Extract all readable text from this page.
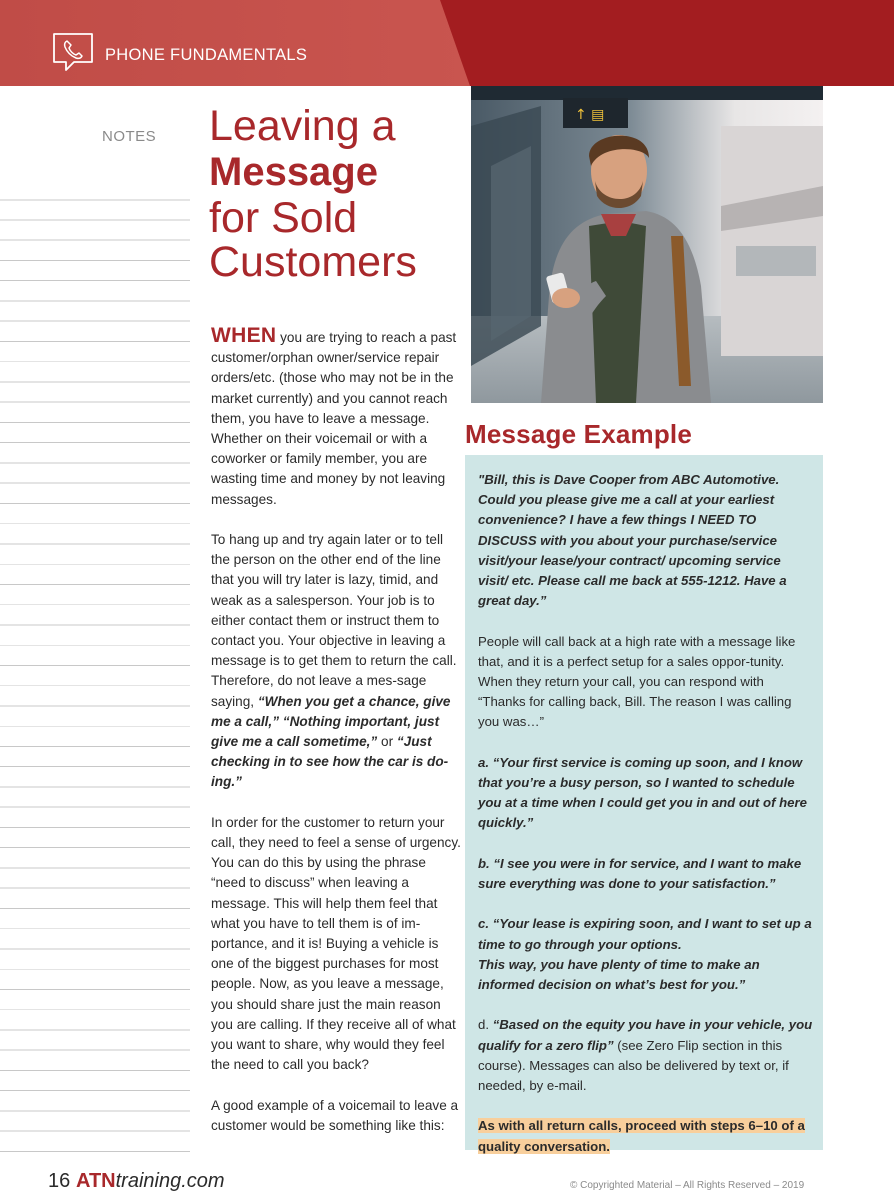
PHONE FUNDAMENTALS
NOTES Leaving a
Message
for Sold
Customers

WHEN you are trying to reach a past customer/orphan owner/service repair orders/etc. (those who may not be in the market currently) and you cannot reach them, you have to leave a message. Whether on their voicemail or with a coworker or family member, you are wasting time and money by not leaving messages.

To hang up and try again later or to tell the person on the other end of the line that you will try later is lazy, timid, and weak as a salesperson. Your job is to either contact them or instruct them to contact you. Your objective in leaving a message is to get them to return the call. Therefore, do not leave a mes-sage saying, “When you get a chance, give me a call,” “Nothing important, just give me a call sometime,” or “Just checking in to see how the car is do-ing.”

In order for the customer to return your call, they need to feel a sense of urgency. You can do this by using the phrase “need to discuss” when leaving a message. This will help them feel that what you have to tell them is of im-portance, and it is! Buying a vehicle is one of the biggest purchases for most people. Now, as you leave a message, you should share just the main reason you are calling. If they receive all of what you want to share, why would they feel the need to call you back?

A good example of a voicemail to leave a customer would be something like this:

↑ ▤
Message Example

"Bill, this is Dave Cooper from ABC Automotive. Could you please give me a call at your earliest convenience? I have a few things I NEED TO DISCUSS with you about your purchase/service visit/your lease/your contract/ upcoming service visit/ etc. Please call me back at 555-1212. Have a great day.”

People will call back at a high rate with a message like that, and it is a perfect setup for a sales oppor-tunity. When they return your call, you can respond with “Thanks for calling back, Bill. The reason I was calling you was…”

a. “Your first service is coming up soon, and I know that you’re a busy person, so I wanted to schedule you at a time when I could get you in and out of here quickly.”

b. “I see you were in for service, and I want to make sure everything was done to your satisfaction.”

c. “Your lease is expiring soon, and I want to set up a time to go through your options.
This way, you have plenty of time to make an informed decision on what’s best for you.”

d. “Based on the equity you have in your vehicle, you qualify for a zero flip” (see Zero Flip section in this course). Messages can also be delivered by text or, if needed, by e-mail.

As with all return calls, proceed with steps 6–10 of a quality conversation.

16 ATNtraining.com	© Copyrighted Material – All Rights Reserved – 2019
